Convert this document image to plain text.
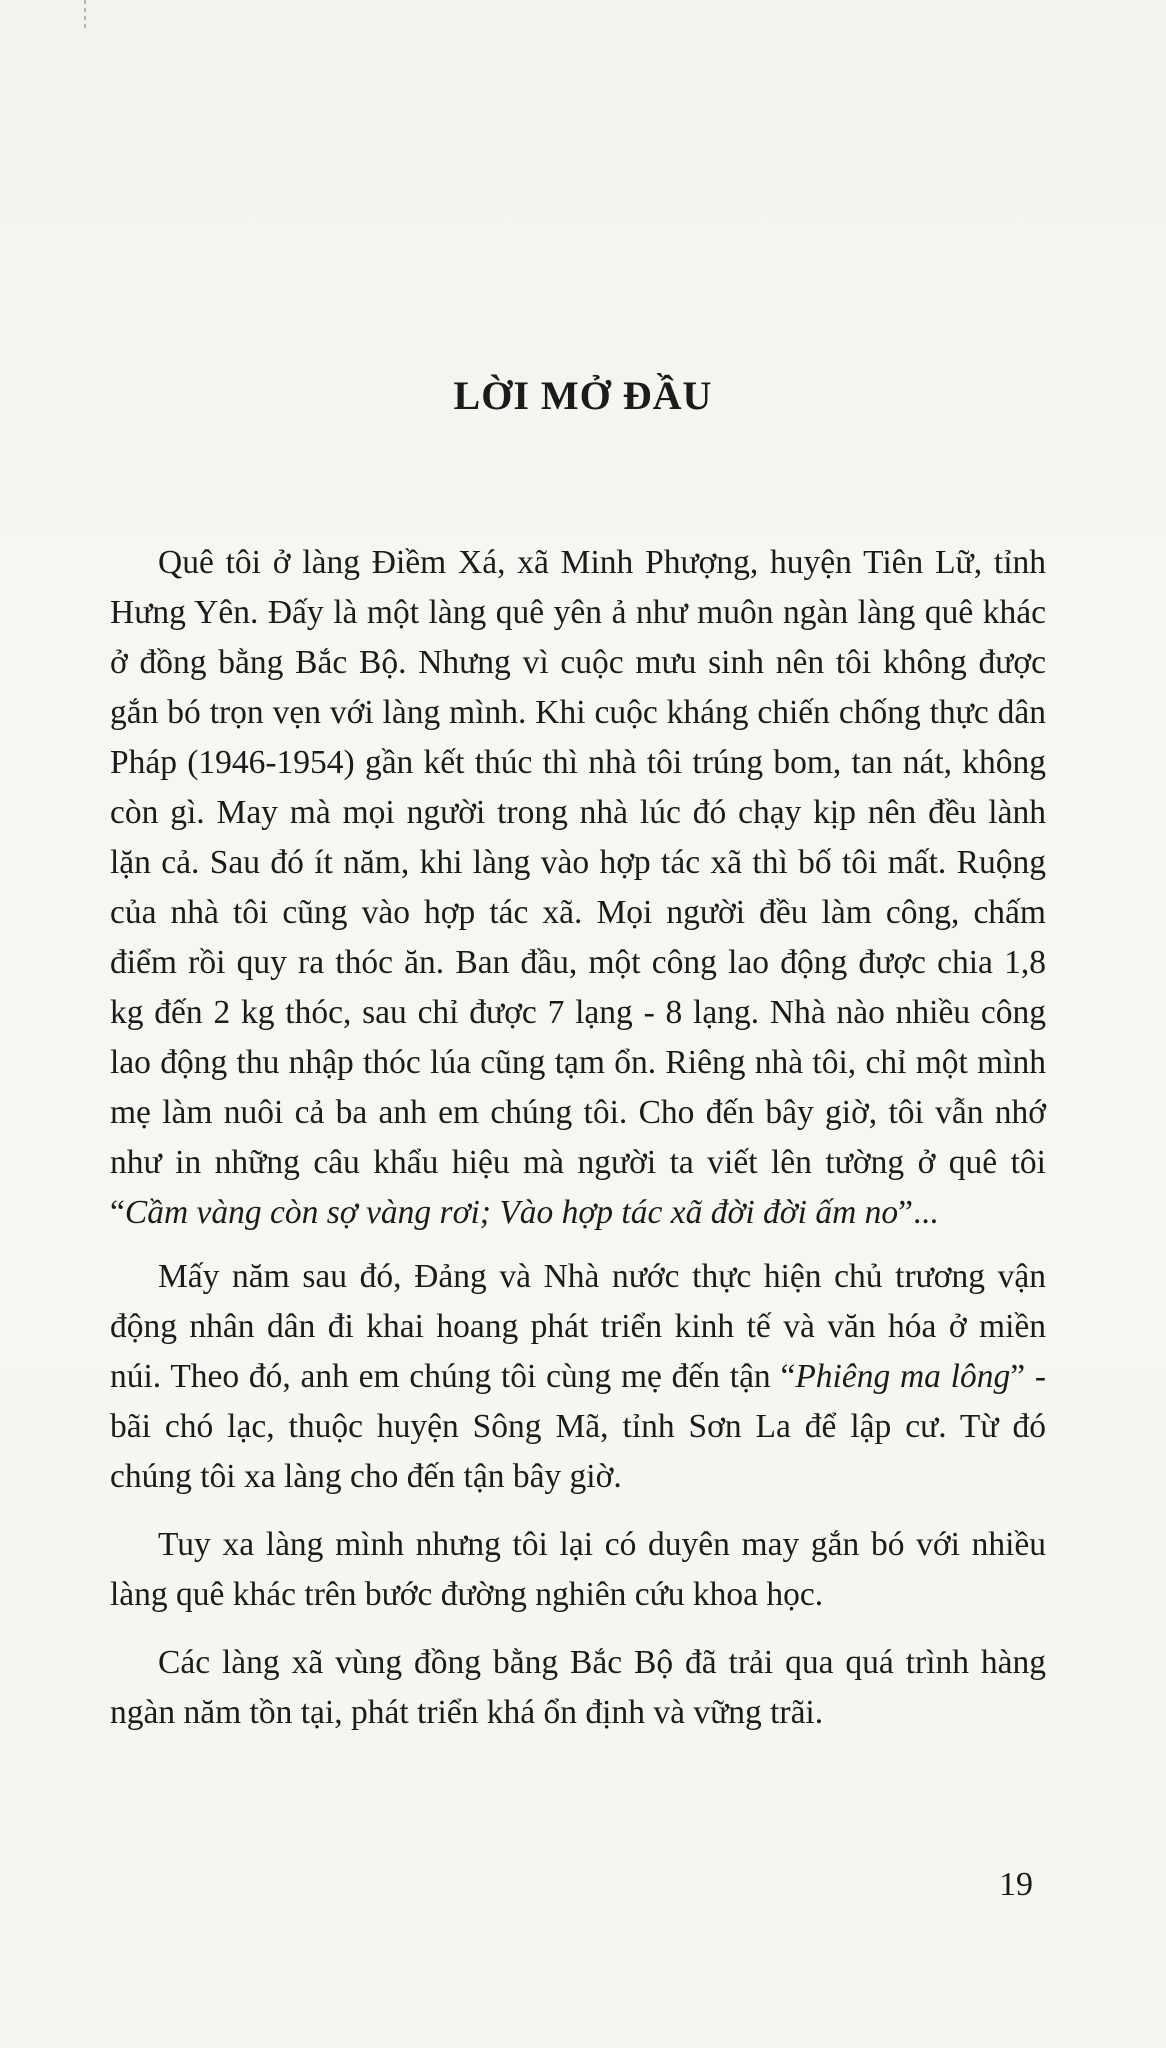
LỜI MỞ ĐẦU

Quê tôi ở làng Điềm Xá, xã Minh Phượng, huyện Tiên Lữ, tỉnh Hưng Yên. Đấy là một làng quê yên ả như muôn ngàn làng quê khác ở đồng bằng Bắc Bộ. Nhưng vì cuộc mưu sinh nên tôi không được gắn bó trọn vẹn với làng mình. Khi cuộc kháng chiến chống thực dân Pháp (1946-1954) gần kết thúc thì nhà tôi trúng bom, tan nát, không còn gì. May mà mọi người trong nhà lúc đó chạy kịp nên đều lành lặn cả. Sau đó ít năm, khi làng vào hợp tác xã thì bố tôi mất. Ruộng của nhà tôi cũng vào hợp tác xã. Mọi người đều làm công, chấm điểm rồi quy ra thóc ăn. Ban đầu, một công lao động được chia 1,8 kg đến 2 kg thóc, sau chỉ được 7 lạng - 8 lạng. Nhà nào nhiều công lao động thu nhập thóc lúa cũng tạm ổn. Riêng nhà tôi, chỉ một mình mẹ làm nuôi cả ba anh em chúng tôi. Cho đến bây giờ, tôi vẫn nhớ như in những câu khẩu hiệu mà người ta viết lên tường ở quê tôi “Cầm vàng còn sợ vàng rơi; Vào hợp tác xã đời đời ấm no”...

Mấy năm sau đó, Đảng và Nhà nước thực hiện chủ trương vận động nhân dân đi khai hoang phát triển kinh tế và văn hóa ở miền núi. Theo đó, anh em chúng tôi cùng mẹ đến tận “Phiêng ma lông” - bãi chó lạc, thuộc huyện Sông Mã, tỉnh Sơn La để lập cư. Từ đó chúng tôi xa làng cho đến tận bây giờ.

Tuy xa làng mình nhưng tôi lại có duyên may gắn bó với nhiều làng quê khác trên bước đường nghiên cứu khoa học.

Các làng xã vùng đồng bằng Bắc Bộ đã trải qua quá trình hàng ngàn năm tồn tại, phát triển khá ổn định và vững trãi.

19
